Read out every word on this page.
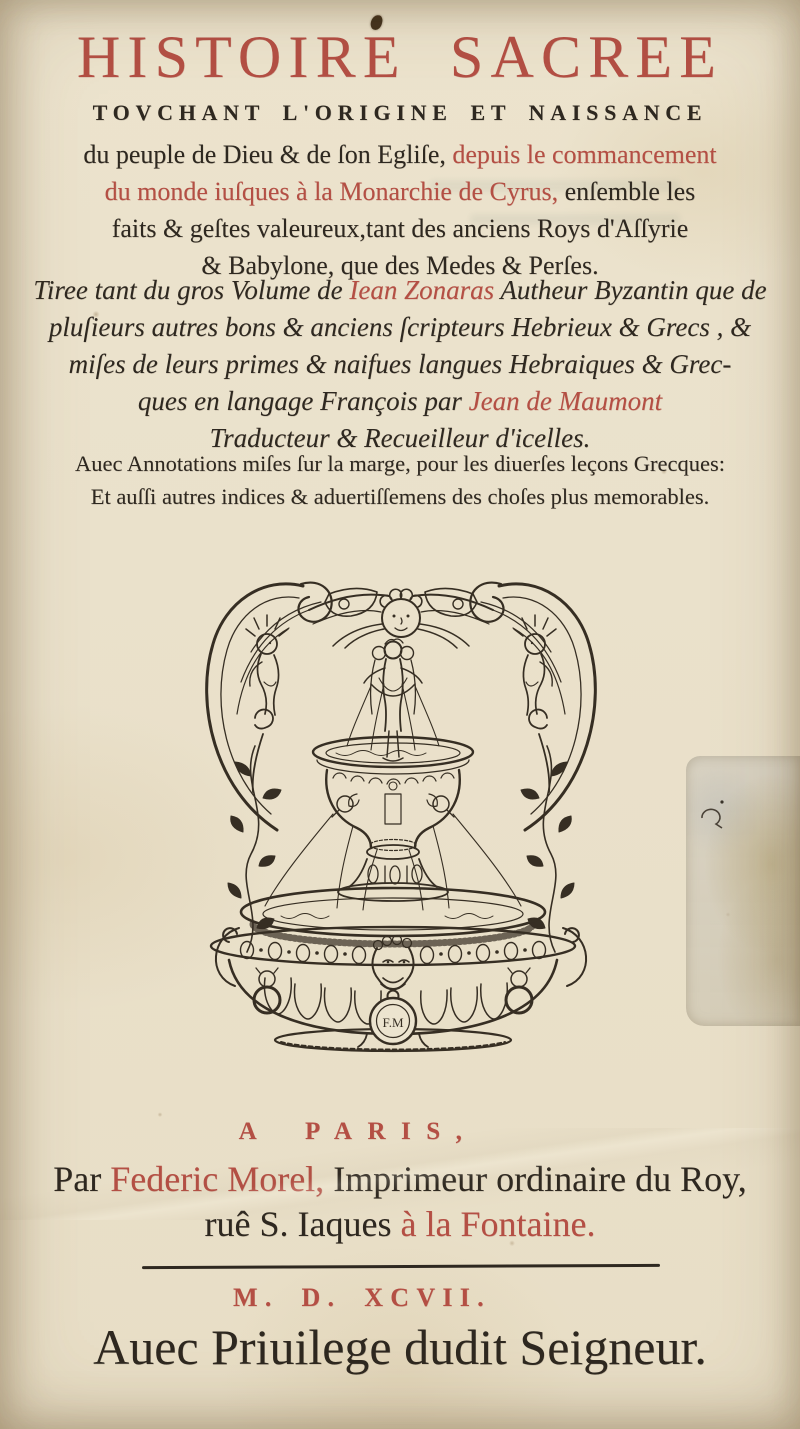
HISTOIRE SACREE
TOVCHANT L'ORIGINE ET NAISSANCE
du peuple de Dieu & de ſon Egliſe, depuis le commancement
du monde iuſques à la Monarchie de Cyrus, enſemble les
faits & geſtes valeureux,tant des anciens Roys d'Aſſyrie
& Babylone, que des Medes & Perſes.
Tiree tant du gros Volume de Iean Zonaras Autheur Byzantin que de
pluſieurs autres bons & anciens ſcripteurs Hebrieux & Grecs , &
miſes de leurs primes & naifues langues Hebraiques & Grec-
ques en langage François par Jean de Maumont
Traducteur & Recueilleur d'icelles.
Auec Annotations miſes ſur la marge, pour les diuerſes leçons Grecques:
Et auſſi autres indices & aduertiſſemens des choſes plus memorables.
F.M
A PARIS,

Par Federic Morel, Imprimeur ordinaire du Roy,

ruê S. Iaques à la Fontaine.

M. D. XCVII.
Auec Priuilege dudit Seigneur.
